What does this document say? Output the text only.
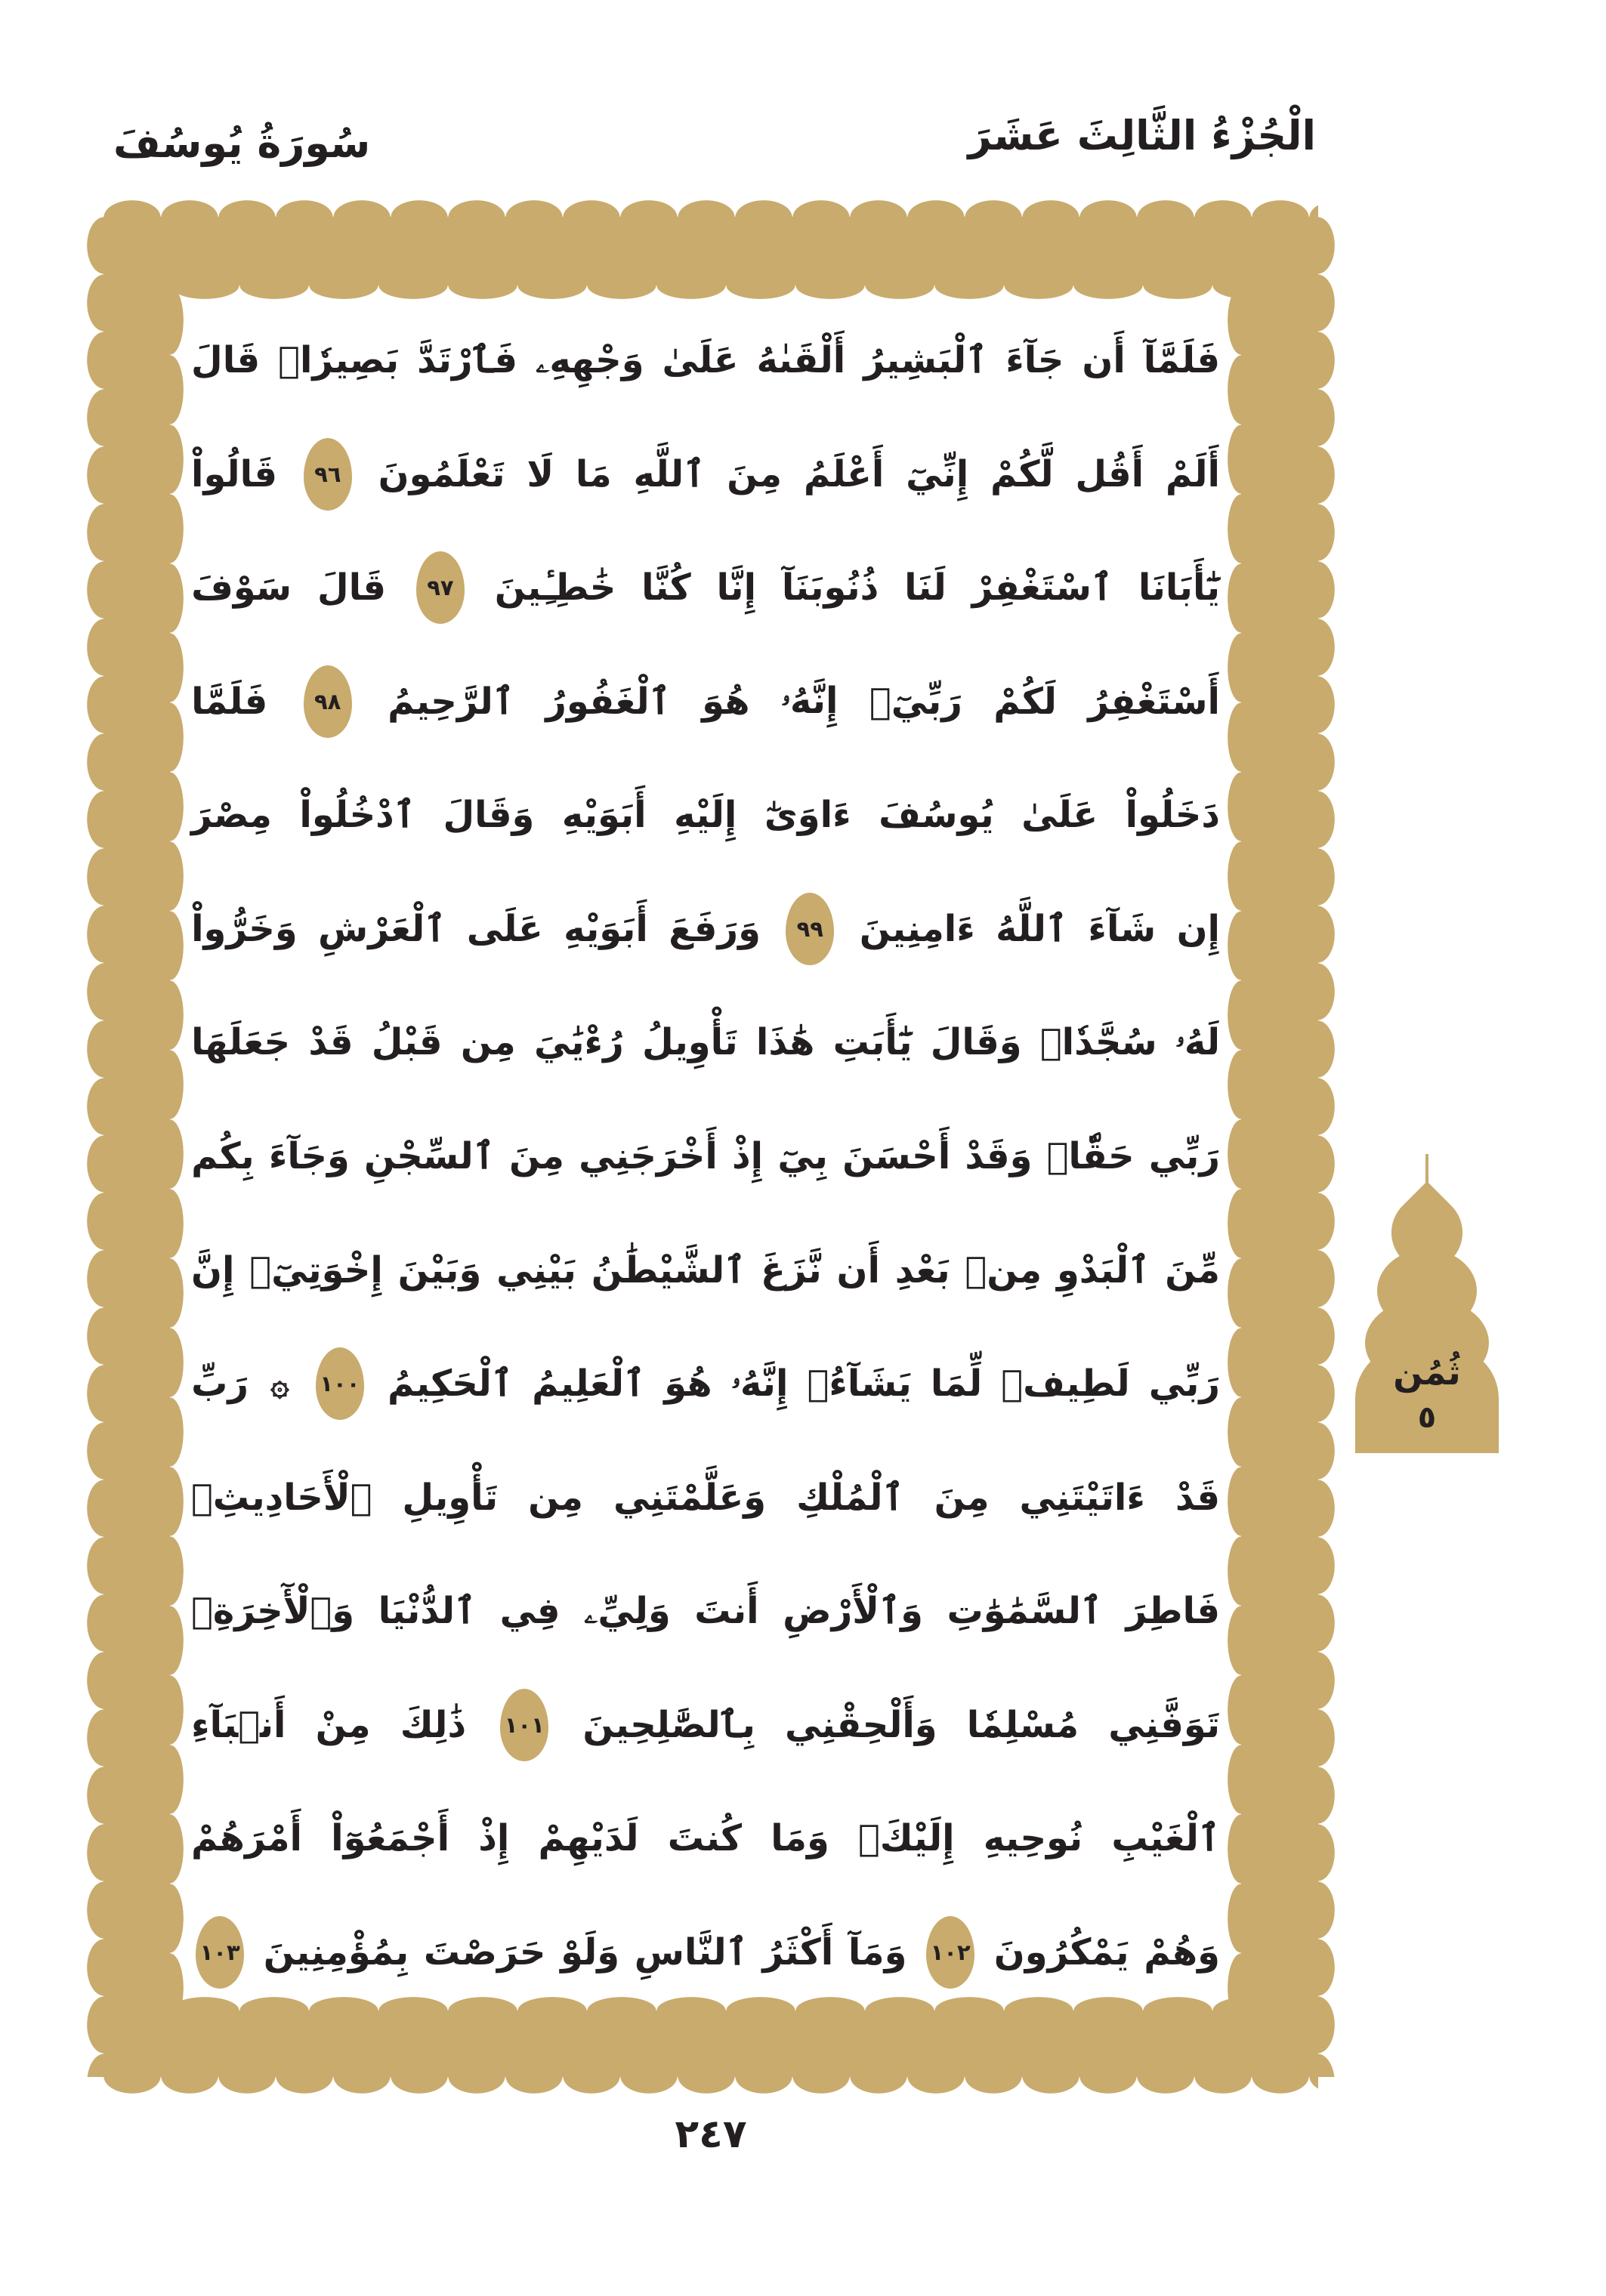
سُورَةُ يُوسُفَ	الْجُزْءُ الثَّالِثَ عَشَرَ
فَلَمَّآ
أَن
جَآءَ
ٱلْبَشِيرُ
أَلْقَىٰهُ
عَلَىٰ
وَجْهِهِۦ
فَٱرْتَدَّ
بَصِيرٗاۖ
قَالَ
أَلَمْ
أَقُل
لَّكُمْ
إِنِّيٓ
أَعْلَمُ
مِنَ
ٱللَّهِ
مَا
لَا
تَعْلَمُونَ
٩٦
قَالُواْ
يَٰٓأَبَانَا
ٱسْتَغْفِرْ
لَنَا
ذُنُوبَنَآ
إِنَّا
كُنَّا
خَٰطِـِٔينَ
٩٧
قَالَ
سَوْفَ
أَسْتَغْفِرُ
لَكُمْ
رَبِّيٓۖ
إِنَّهُۥ
هُوَ
ٱلْغَفُورُ
ٱلرَّحِيمُ
٩٨
فَلَمَّا
دَخَلُواْ
عَلَىٰ
يُوسُفَ
ءَاوَىٰٓ
إِلَيْهِ
أَبَوَيْهِ
وَقَالَ
ٱدْخُلُواْ
مِصْرَ
إِن
شَآءَ
ٱللَّهُ
ءَامِنِينَ
٩٩
وَرَفَعَ
أَبَوَيْهِ
عَلَى
ٱلْعَرْشِ
وَخَرُّواْ
لَهُۥ
سُجَّدٗاۖ
وَقَالَ
يَٰٓأَبَتِ
هَٰذَا
تَأْوِيلُ
رُءْيَٰيَ
مِن
قَبْلُ
قَدْ
جَعَلَهَا
رَبِّي
حَقّٗاۖ
وَقَدْ
أَحْسَنَ
بِيٓ
إِذْ
أَخْرَجَنِي
مِنَ
ٱلسِّجْنِ
وَجَآءَ
بِكُم
مِّنَ
ٱلْبَدْوِ
مِنۢ
بَعْدِ
أَن
نَّزَغَ
ٱلشَّيْطَٰنُ
بَيْنِي
وَبَيْنَ
إِخْوَتِيٓۚ
إِنَّ
رَبِّي
لَطِيفٞ
لِّمَا
يَشَآءُۚ
إِنَّهُۥ
هُوَ
ٱلْعَلِيمُ
ٱلْحَكِيمُ
١٠٠
۞
رَبِّ
قَدْ
ءَاتَيْتَنِي
مِنَ
ٱلْمُلْكِ
وَعَلَّمْتَنِي
مِن
تَأْوِيلِ
ٱلْأَحَادِيثِۚ
فَاطِرَ
ٱلسَّمَٰوَٰتِ
وَٱلْأَرْضِ
أَنتَ
وَلِيِّۦ
فِي
ٱلدُّنْيَا
وَٱلْأٓخِرَةِۖ
تَوَفَّنِي
مُسْلِمٗا
وَأَلْحِقْنِي
بِٱلصَّٰلِحِينَ
١٠١
ذَٰلِكَ
مِنْ
أَنۢبَآءِ
ٱلْغَيْبِ
نُوحِيهِ
إِلَيْكَۖ
وَمَا
كُنتَ
لَدَيْهِمْ
إِذْ
أَجْمَعُوٓاْ
أَمْرَهُمْ
وَهُمْ
يَمْكُرُونَ
١٠٢
وَمَآ
أَكْثَرُ
ٱلنَّاسِ
وَلَوْ
حَرَصْتَ
بِمُؤْمِنِينَ
١٠٣
ثُمُن
٥
٢٤٧
